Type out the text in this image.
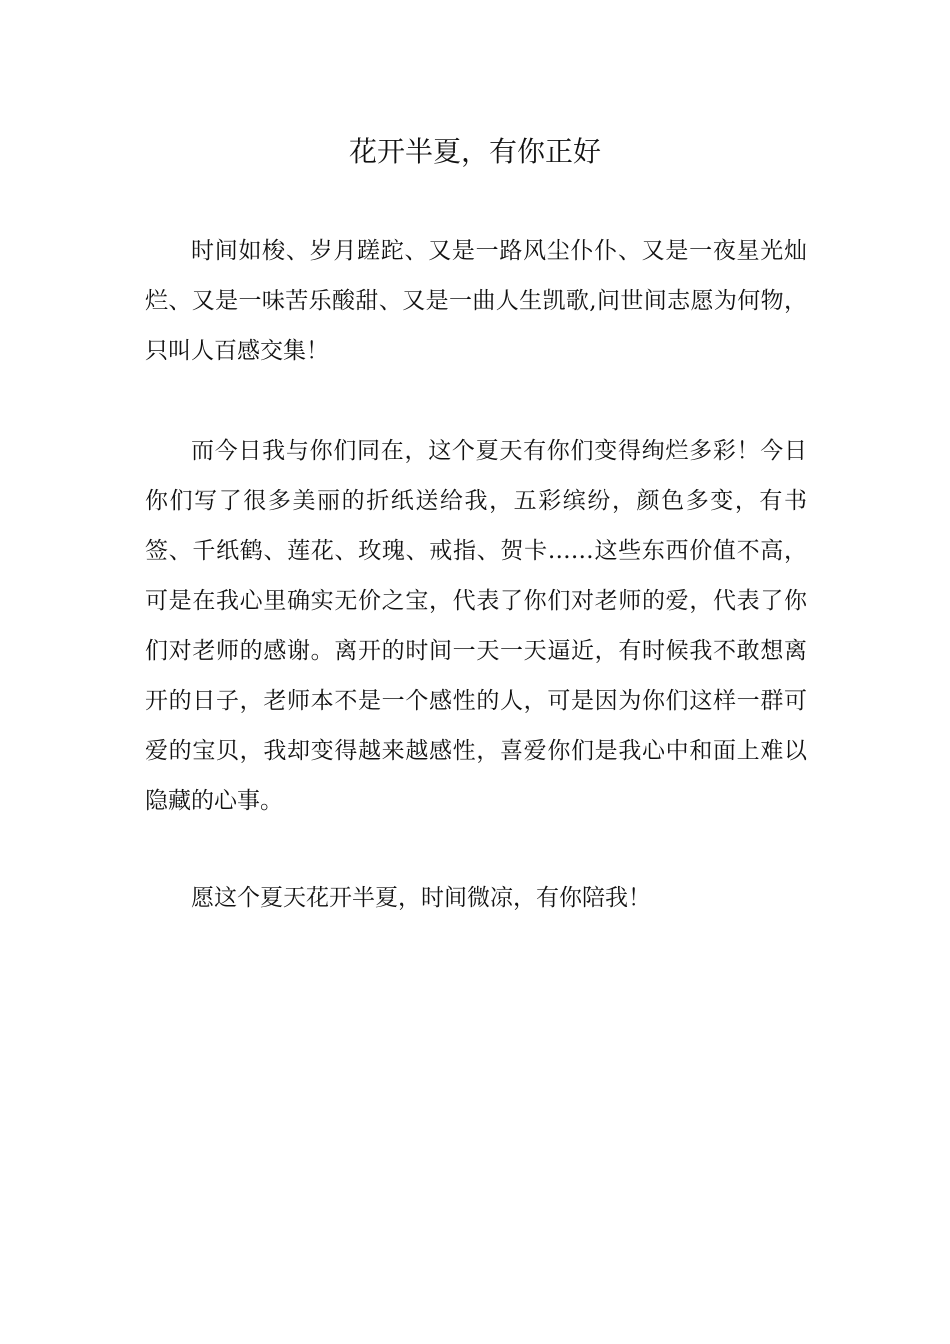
花开半夏，有你正好

时间如梭、岁月蹉跎、又是一路风尘仆仆、又是一夜星光灿烂、又是一味苦乐酸甜、又是一曲人生凯歌,问世间志愿为何物，只叫人百感交集！

而今日我与你们同在，这个夏天有你们变得绚烂多彩！今日你们写了很多美丽的折纸送给我，五彩缤纷，颜色多变，有书签、千纸鹤、莲花、玫瑰、戒指、贺卡……这些东西价值不高，可是在我心里确实无价之宝，代表了你们对老师的爱，代表了你们对老师的感谢。离开的时间一天一天逼近，有时候我不敢想离开的日子，老师本不是一个感性的人，可是因为你们这样一群可爱的宝贝，我却变得越来越感性，喜爱你们是我心中和面上难以隐藏的心事。

愿这个夏天花开半夏，时间微凉，有你陪我！
